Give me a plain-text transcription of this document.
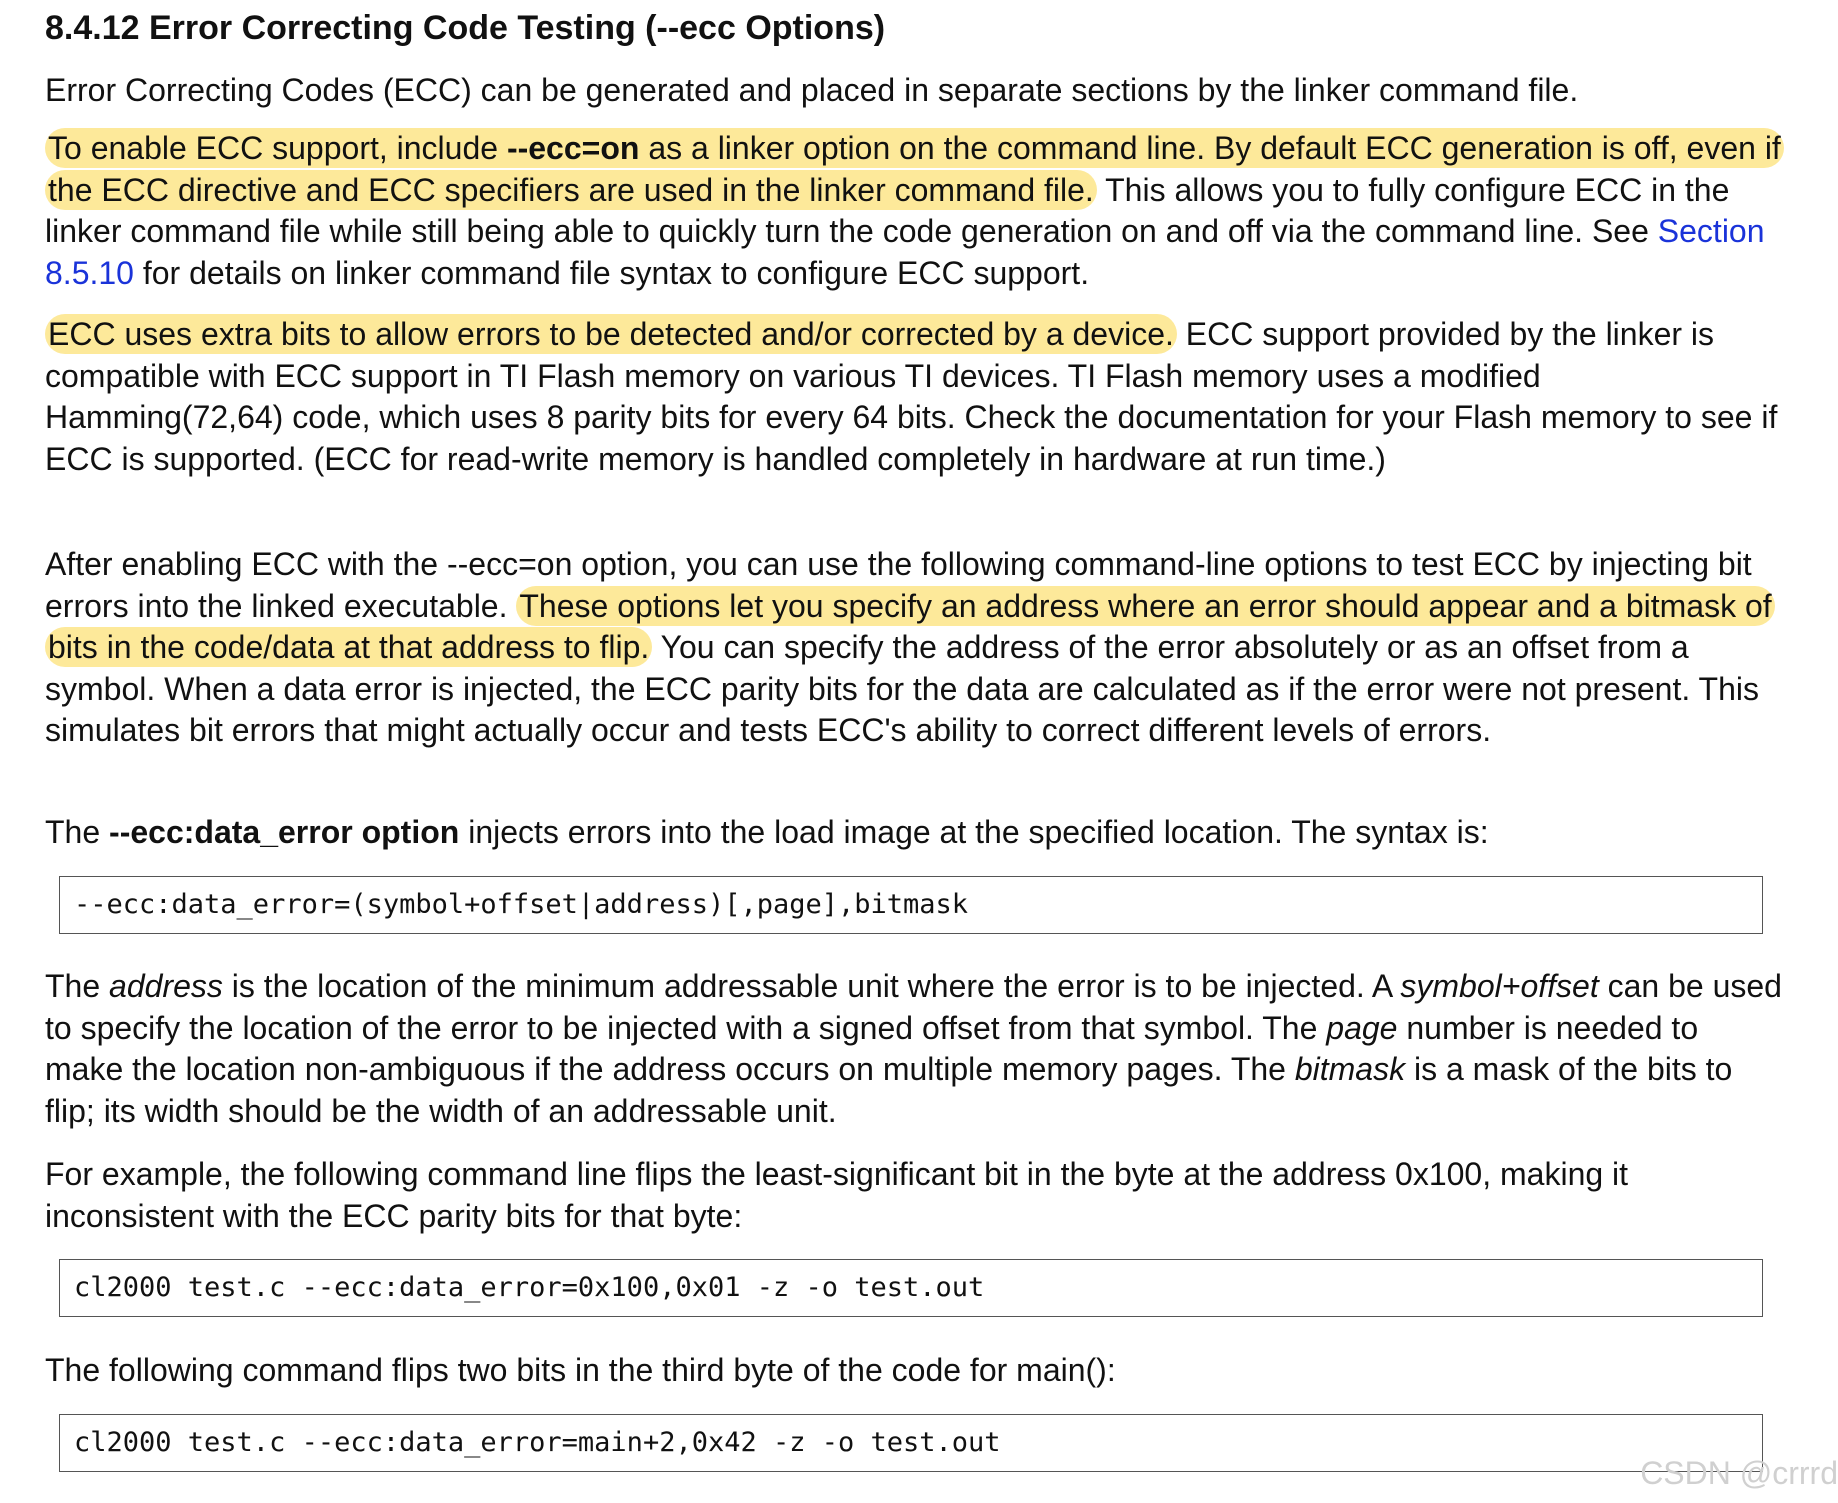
8.4.12 Error Correcting Code Testing (--ecc Options)

Error Correcting Codes (ECC) can be generated and placed in separate sections by the linker command file.

To enable ECC support, include --ecc=on as a linker option on the command line. By default ECC generation is off, even if the ECC directive and ECC specifiers are used in the linker command file. This allows you to fully configure ECC in the linker command file while still being able to quickly turn the code generation on and off via the command line. See Section 8.5.10 for details on linker command file syntax to configure ECC support.

ECC uses extra bits to allow errors to be detected and/or corrected by a device. ECC support provided by the linker is compatible with ECC support in TI Flash memory on various TI devices. TI Flash memory uses a modified Hamming(72,64) code, which uses 8 parity bits for every 64 bits. Check the documentation for your Flash memory to see if ECC is supported. (ECC for read-write memory is handled completely in hardware at run time.)

After enabling ECC with the --ecc=on option, you can use the following command-line options to test ECC by injecting bit errors into the linked executable. These options let you specify an address where an error should appear and a bitmask of bits in the code/data at that address to flip. You can specify the address of the error absolutely or as an offset from a symbol. When a data error is injected, the ECC parity bits for the data are calculated as if the error were not present. This simulates bit errors that might actually occur and tests ECC's ability to correct different levels of errors.

The --ecc:data_error option injects errors into the load image at the specified location. The syntax is:

--ecc:data_error=(symbol+offset|address)[,page],bitmask

The address is the location of the minimum addressable unit where the error is to be injected. A symbol+offset can be used to specify the location of the error to be injected with a signed offset from that symbol. The page number is needed to make the location non-ambiguous if the address occurs on multiple memory pages. The bitmask is a mask of the bits to flip; its width should be the width of an addressable unit.

For example, the following command line flips the least-significant bit in the byte at the address 0x100, making it inconsistent with the ECC parity bits for that byte:

cl2000 test.c --ecc:data_error=0x100,0x01 -z -o test.out

The following command flips two bits in the third byte of the code for main():

cl2000 test.c --ecc:data_error=main+2,0x42 -z -o test.out
CSDN @crrrd
